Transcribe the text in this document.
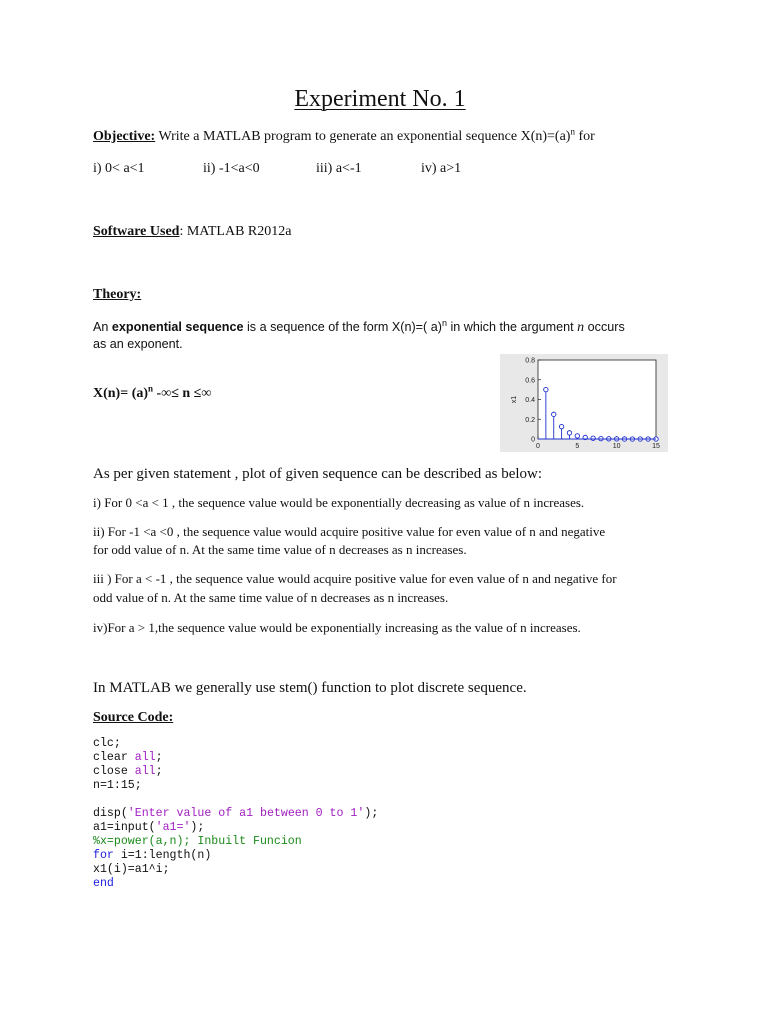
Experiment No. 1
Objective: Write a MATLAB program to generate an exponential sequence $X(n)=(a)^n$ for
i) 0< a<1	ii) -1<a<0	iii) a<-1	iv) a>1
Software Used: MATLAB R2012a
Theory:
An exponential sequence is a sequence of the form X(n)=( a)$^n$ in which the argument n occurs
as an exponent.
$X(n)= (a)^n$ -∞≤ n ≤∞
0
0.2
0.4
0.6
0.8
0	5	10	15
x1
As per given statement , plot of given sequence can be described as below:
i) For 0 <a < 1 , the sequence value would be exponentially decreasing as value of n increases.
ii) For -1 <a <0 , the sequence value would acquire positive value for even value of n and negative
for odd value of n. At the same time value of n decreases as n increases.
iii ) For a < -1 , the sequence value would acquire positive value for even value of n and negative for
odd value of n. At the same time value of n decreases as n increases.
iv)For a > 1,the sequence value would be exponentially increasing as the value of n increases.
In MATLAB we generally use stem() function to plot discrete sequence.
Source Code:
clc;
clear all;
close all;
n=1:15;

disp('Enter value of a1 between 0 to 1');
a1=input('a1=');
%x=power(a,n); Inbuilt Funcion
for i=1:length(n)
x1(i)=a1^i;
end
